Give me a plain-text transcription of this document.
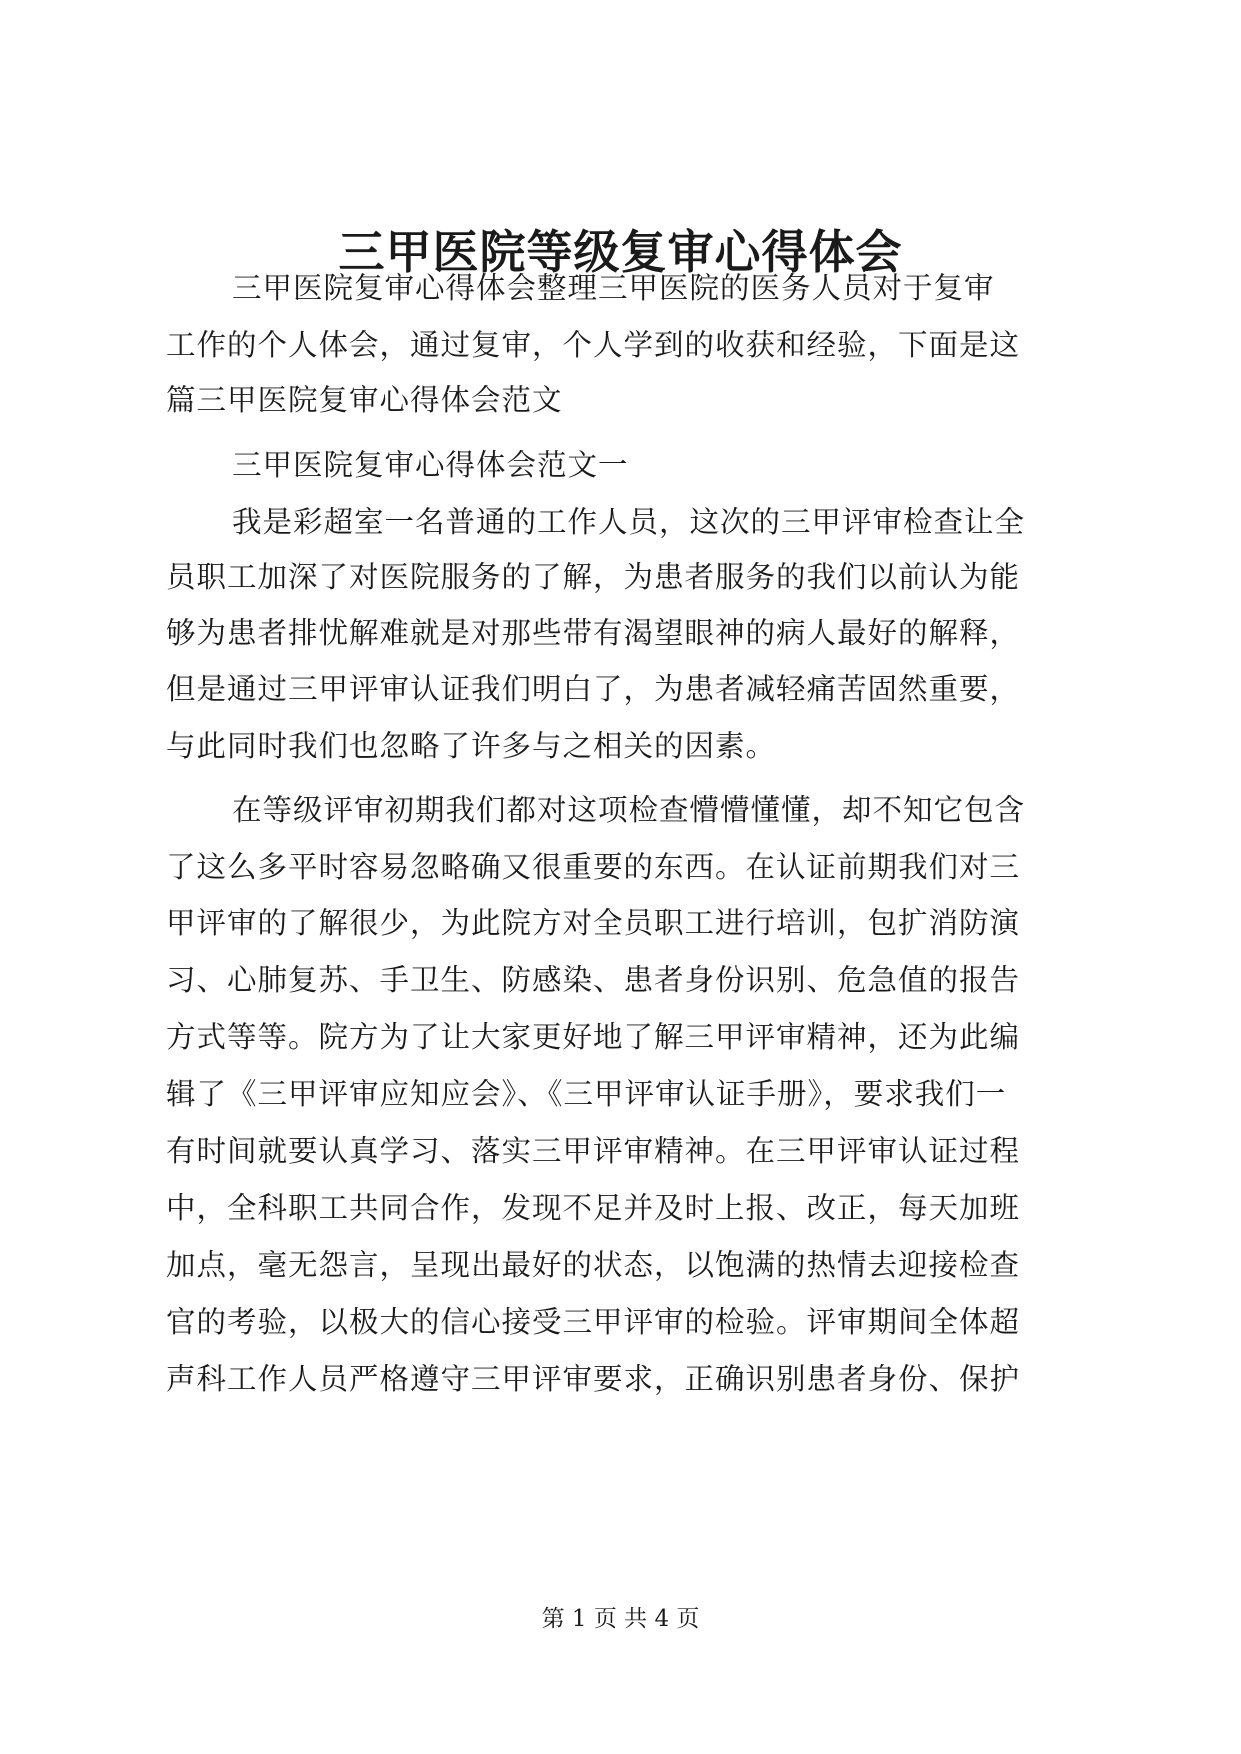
三甲医院等级复审心得体会
三甲医院复审心得体会整理三甲医院的医务人员对于复审
工作的个人体会，通过复审，个人学到的收获和经验，下面是这
篇三甲医院复审心得体会范文
三甲医院复审心得体会范文一
我是彩超室一名普通的工作人员，这次的三甲评审检查让全
员职工加深了对医院服务的了解，为患者服务的我们以前认为能
够为患者排忧解难就是对那些带有渴望眼神的病人最好的解释，
但是通过三甲评审认证我们明白了，为患者减轻痛苦固然重要，
与此同时我们也忽略了许多与之相关的因素。
在等级评审初期我们都对这项检查懵懵懂懂，却不知它包含
了这么多平时容易忽略确又很重要的东西。在认证前期我们对三
甲评审的了解很少，为此院方对全员职工进行培训，包扩消防演
习、心肺复苏、手卫生、防感染、患者身份识别、危急值的报告
方式等等。院方为了让大家更好地了解三甲评审精神，还为此编
辑了《三甲评审应知应会》、《三甲评审认证手册》，要求我们一
有时间就要认真学习、落实三甲评审精神。在三甲评审认证过程
中，全科职工共同合作，发现不足并及时上报、改正，每天加班
加点，毫无怨言，呈现出最好的状态，以饱满的热情去迎接检查
官的考验，以极大的信心接受三甲评审的检验。评审期间全体超
声科工作人员严格遵守三甲评审要求，正确识别患者身份、保护
第 1 页 共 4 页
